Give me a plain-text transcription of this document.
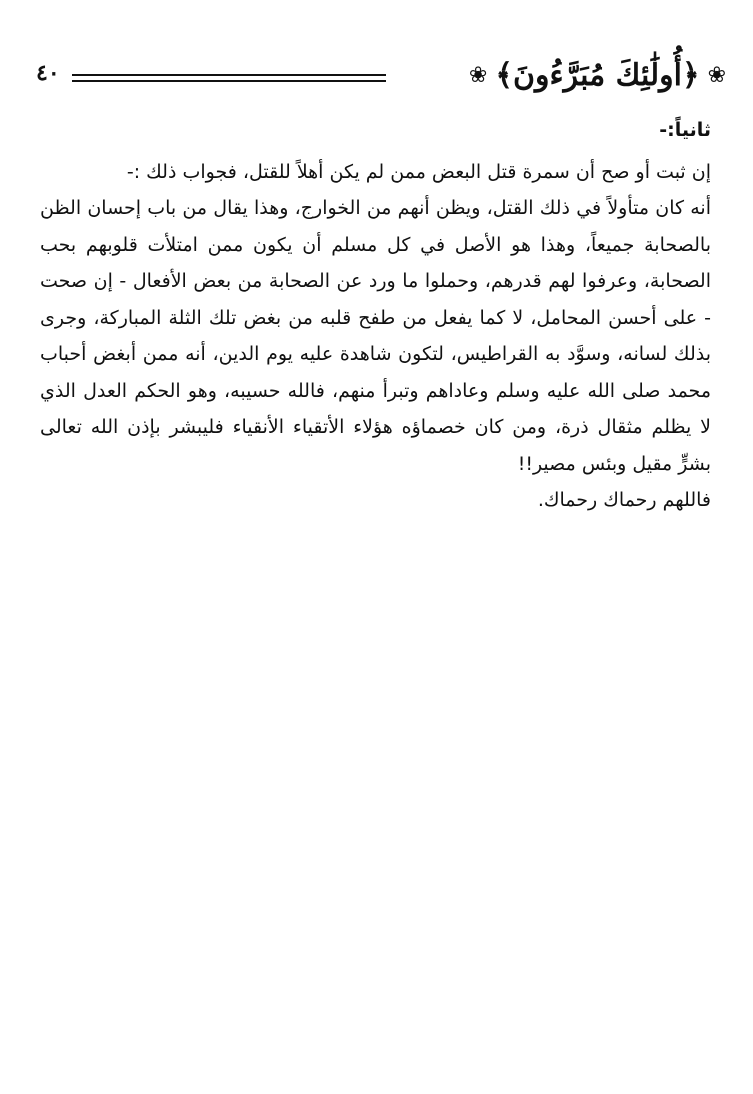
❀
﴿أُولَٰئِكَ مُبَرَّءُونَ﴾
❀
٤٠

ثانياً:-

إن ثبت أو صح أن سمرة قتل البعض ممن لم يكن أهلاً للقتل، فجواب ذلك :-

أنه كان متأولاً في ذلك القتل، ويظن أنهم من الخوارج، وهذا يقال من باب إحسان الظن بالصحابة جميعاً، وهذا هو الأصل في كل مسلم أن يكون ممن امتلأت قلوبهم بحب الصحابة، وعرفوا لهم قدرهم، وحملوا ما ورد عن الصحابة من بعض الأفعال - إن صحت - على أحسن المحامل، لا كما يفعل من طفح قلبه من بغض تلك الثلة المباركة، وجرى بذلك لسانه، وسوَّد به القراطيس، لتكون شاهدة عليه يوم الدين، أنه ممن أبغض أحباب محمد صلى الله عليه وسلم وعاداهم وتبرأ منهم، فالله حسيبه، وهو الحكم العدل الذي لا يظلم مثقال ذرة، ومن كان خصماؤه هؤلاء الأتقياء الأنقياء فليبشر بإذن الله تعالى بشرٍّ مقيل وبئس مصير!!

فاللهم رحماك رحماك.
